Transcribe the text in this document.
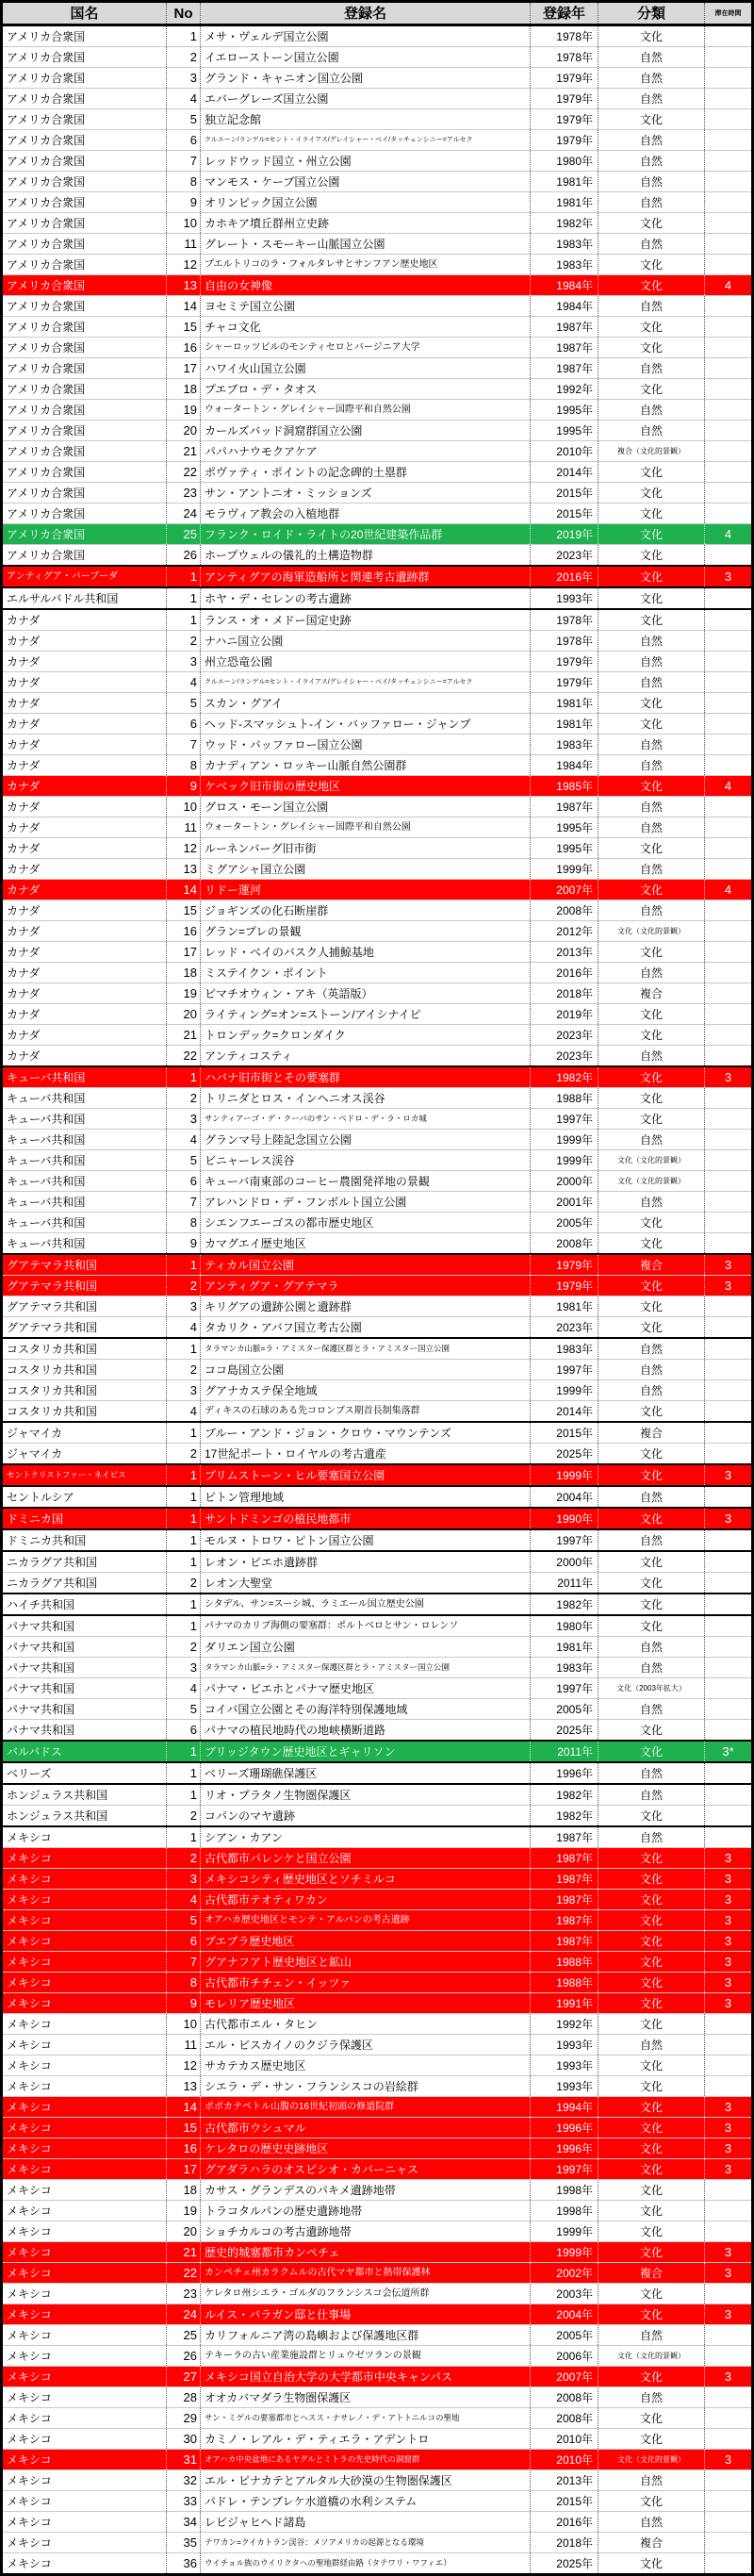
国名	No	登録名	登録年	分類	滞在時間
アメリカ合衆国	1 メサ・ヴェルデ国立公園	1978年	文化
アメリカ合衆国	2 イエローストーン国立公園	1978年	自然
アメリカ合衆国	3 グランド・キャニオン国立公園	1979年	自然
アメリカ合衆国	4 エバーグレーズ国立公園	1979年	自然
アメリカ合衆国	5 独立記念館	1979年	文化
アメリカ合衆国	6	クルエーン/ランゲル=セント・イライアス/グレイシャー・ベイ/タッチェンシニー=アルセク	1979年	自然
アメリカ合衆国	7 レッドウッド国立・州立公園	1980年	自然
アメリカ合衆国	8 マンモス・ケーブ国立公園	1981年	自然
アメリカ合衆国	9 オリンピック国立公園	1981年	自然
アメリカ合衆国	10 カホキア墳丘群州立史跡	1982年	文化
アメリカ合衆国	11 グレート・スモーキー山脈国立公園	1983年	自然
アメリカ合衆国	12 プエルトリコのラ・フォルタレサとサンフアン歴史地区	1983年	文化
アメリカ合衆国	13 自由の女神像	1984年	文化	4
アメリカ合衆国	14 ヨセミテ国立公園	1984年	自然
アメリカ合衆国	15 チャコ文化	1987年	文化
アメリカ合衆国	16 シャーロッツビルのモンティセロとバージニア大学	1987年	文化
アメリカ合衆国	17 ハワイ火山国立公園	1987年	自然
アメリカ合衆国	18 プエブロ・デ・タオス	1992年	文化
アメリカ合衆国	19 ウォータートン・グレイシャー国際平和自然公園	1995年	自然
アメリカ合衆国	20 カールズバッド洞窟群国立公園	1995年	自然
アメリカ合衆国	21 パパハナウモクアケア	2010年	複合（文化的景観）
アメリカ合衆国	22 ポヴァティ・ポイントの記念碑的土塁群	2014年	文化
アメリカ合衆国	23 サン・アントニオ・ミッションズ	2015年	文化
アメリカ合衆国	24 モラヴィア教会の入植地群	2015年	文化
アメリカ合衆国	25 フランク・ロイド・ライトの20世紀建築作品群	2019年	文化	4
アメリカ合衆国	26 ホープウェルの儀礼的土構造物群	2023年	文化
アンティグア・バーブーダ	1 アンティグアの海軍造船所と関連考古遺跡群	2016年	文化	3
エルサルバドル共和国	1 ホヤ・デ・セレンの考古遺跡	1993年	文化
カナダ	1 ランス・オ・メドー国定史跡	1978年	文化
カナダ	2 ナハニ国立公園	1978年	自然
カナダ	3 州立恐竜公園	1979年	自然
カナダ	4	クルエーン/ランゲル=セント・イライアス/グレイシャー・ベイ/タッチェンシニー=アルセク	1979年	自然
カナダ	5 スカン・グアイ	1981年	文化
カナダ	6 ヘッド-スマッシュト-イン・バッファロー・ジャンプ	1981年	文化
カナダ	7 ウッド・バッファロー国立公園	1983年	自然
カナダ	8 カナディアン・ロッキー山脈自然公園群	1984年	自然
カナダ	9 ケベック旧市街の歴史地区	1985年	文化	4
カナダ	10 グロス・モーン国立公園	1987年	自然
カナダ	11 ウォータートン・グレイシャー国際平和自然公園	1995年	自然
カナダ	12 ルーネンバーグ旧市街	1995年	文化
カナダ	13 ミグアシャ国立公園	1999年	自然
カナダ	14 リドー運河	2007年	文化	4
カナダ	15 ジョギンズの化石断崖群	2008年	自然
カナダ	16 グラン=プレの景観	2012年	文化（文化的景観）
カナダ	17 レッド・ベイのバスク人捕鯨基地	2013年	文化
カナダ	18 ミステイクン・ポイント	2016年	自然
カナダ	19 ピマチオウィン・アキ（英語版）	2018年	複合
カナダ	20 ライティング=オン=ストーン/アイシナイピ	2019年	文化
カナダ	21 トロンデック=クロンダイク	2023年	文化
カナダ	22 アンティコスティ	2023年	自然
キューバ共和国	1 ハバナ旧市街とその要塞群	1982年	文化	3
キューバ共和国	2 トリニダとロス・インヘニオス渓谷	1988年	文化
キューバ共和国	3 サンティアーゴ・デ・クーバのサン・ペドロ・デ・ラ・ロカ城	1997年	文化
キューバ共和国	4 グランマ号上陸記念国立公園	1999年	自然
キューバ共和国	5 ビニャーレス渓谷	1999年	文化（文化的景観）
キューバ共和国	6 キューバ南東部のコーヒー農園発祥地の景観	2000年	文化（文化的景観）
キューバ共和国	7 アレハンドロ・デ・フンボルト国立公園	2001年	自然
キューバ共和国	8 シエンフエーゴスの都市歴史地区	2005年	文化
キューバ共和国	9 カマグエイ歴史地区	2008年	文化
グアテマラ共和国	1 ティカル国立公園	1979年	複合	3
グアテマラ共和国	2 アンティグア・グアテマラ	1979年	文化	3
グアテマラ共和国	3 キリグアの遺跡公園と遺跡群	1981年	文化
グアテマラ共和国	4 タカリク・アバフ国立考古公園	2023年	文化
コスタリカ共和国	1 タラマンカ山脈=ラ・アミスター保護区群とラ・アミスター国立公園	1983年	自然
コスタリカ共和国	2 ココ島国立公園	1997年	自然
コスタリカ共和国	3 グアナカステ保全地域	1999年	自然
コスタリカ共和国	4 ディキスの石球のある先コロンブス期首長制集落群	2014年	文化
ジャマイカ	1 ブルー・アンド・ジョン・クロウ・マウンテンズ	2015年	複合
ジャマイカ	2 17世紀ポート・ロイヤルの考古遺産	2025年	文化
セントクリストファー・ネイビス	1 ブリムストーン・ヒル要塞国立公園	1999年	文化	3
セントルシア	1 ピトン管理地域	2004年	自然
ドミニカ国	1 サントドミンゴの植民地都市	1990年	文化	3
ドミニカ共和国	1 モルヌ・トロワ・ピトン国立公園	1997年	自然
ニカラグア共和国	1 レオン・ビエホ遺跡群	2000年	文化
ニカラグア共和国	2 レオン大聖堂	2011年	文化
ハイチ共和国	1 シタデル、サン=スーシ城、ラミエール国立歴史公園	1982年	文化
パナマ共和国	1 パナマのカリブ海側の要塞群：ポルトベロとサン・ロレンソ	1980年	文化
パナマ共和国	2 ダリエン国立公園	1981年	自然
パナマ共和国	3 タラマンカ山脈=ラ・アミスター保護区群とラ・アミスター国立公園	1983年	自然
パナマ共和国	4 パナマ・ビエホとパナマ歴史地区	1997年	文化（2003年拡大）
パナマ共和国	5 コイバ国立公園とその海洋特別保護地域	2005年	自然
パナマ共和国	6 パナマの植民地時代の地峡横断道路	2025年	文化
バルバドス	1 ブリッジタウン歴史地区とギャリソン	2011年	文化	3*
ベリーズ	1 ベリーズ珊瑚礁保護区	1996年	自然
ホンジュラス共和国	1 リオ・プラタノ生物圏保護区	1982年	自然
ホンジュラス共和国	2 コパンのマヤ遺跡	1982年	文化
メキシコ	1 シアン・カアン	1987年	自然
メキシコ	2 古代都市パレンケと国立公園	1987年	文化	3
メキシコ	3 メキシコシティ歴史地区とソチミルコ	1987年	文化	3
メキシコ	4 古代都市テオティワカン	1987年	文化	3
メキシコ	5 オアハカ歴史地区とモンテ・アルバンの考古遺跡	1987年	文化	3
メキシコ	6 プエブラ歴史地区	1987年	文化	3
メキシコ	7 グアナフアト歴史地区と鉱山	1988年	文化	3
メキシコ	8 古代都市チチェン・イッツァ	1988年	文化	3
メキシコ	9 モレリア歴史地区	1991年	文化	3
メキシコ	10 古代都市エル・タヒン	1992年	文化
メキシコ	11 エル・ビスカイノのクジラ保護区	1993年	自然
メキシコ	12 サカテカス歴史地区	1993年	文化
メキシコ	13 シエラ・デ・サン・フランシスコの岩絵群	1993年	文化
メキシコ	14 ポポカテペトル山腹の16世紀初頭の修道院群	1994年	文化	3
メキシコ	15 古代都市ウシュマル	1996年	文化	3
メキシコ	16 ケレタロの歴史史跡地区	1996年	文化	3
メキシコ	17 グアダラハラのオスピシオ・カバーニャス	1997年	文化	3
メキシコ	18 カサス・グランデスのパキメ遺跡地帯	1998年	文化
メキシコ	19 トラコタルパンの歴史遺跡地帯	1998年	文化
メキシコ	20 ショチカルコの考古遺跡地帯	1999年	文化
メキシコ	21 歴史的城塞都市カンペチェ	1999年	文化	3
メキシコ	22 カンペチェ州カラクムルの古代マヤ都市と熱帯保護林	2002年	複合	3
メキシコ	23 ケレタロ州シエラ・ゴルダのフランシスコ会伝道所群	2003年	文化
メキシコ	24 ルイス・バラガン邸と仕事場	2004年	文化	3
メキシコ	25 カリフォルニア湾の島嶼および保護地区群	2005年	自然
メキシコ	26 テキーラの古い産業施設群とリュウゼツランの景観	2006年	文化（文化的景観）
メキシコ	27 メキシコ国立自治大学の大学都市中央キャンパス	2007年	文化	3
メキシコ	28 オオカバマダラ生物圏保護区	2008年	自然
メキシコ	29 サン・ミゲルの要塞都市とヘスス・ナサレノ・デ・アトトニルコの聖地	2008年	文化
メキシコ	30 カミノ・レアル・デ・ティエラ・アデントロ	2010年	文化
メキシコ	31 オアハカ中央盆地にあるヤグルとミトラの先史時代の洞窟群	2010年	文化（文化的景観）	3
メキシコ	32 エル・ピナカテとアルタル大砂漠の生物圏保護区	2013年	自然
メキシコ	33 パドレ・テンブレケ水道橋の水利システム	2015年	文化
メキシコ	34 レビジャヒヘド諸島	2016年	自然
メキシコ	35 テワカン=クイカトラン渓谷：メソアメリカの起源となる環境	2018年	複合
メキシコ	36 ウイチョル族のウイリクタへの聖地群経由路（タテワリ・ワフィエ）	2025年	文化
